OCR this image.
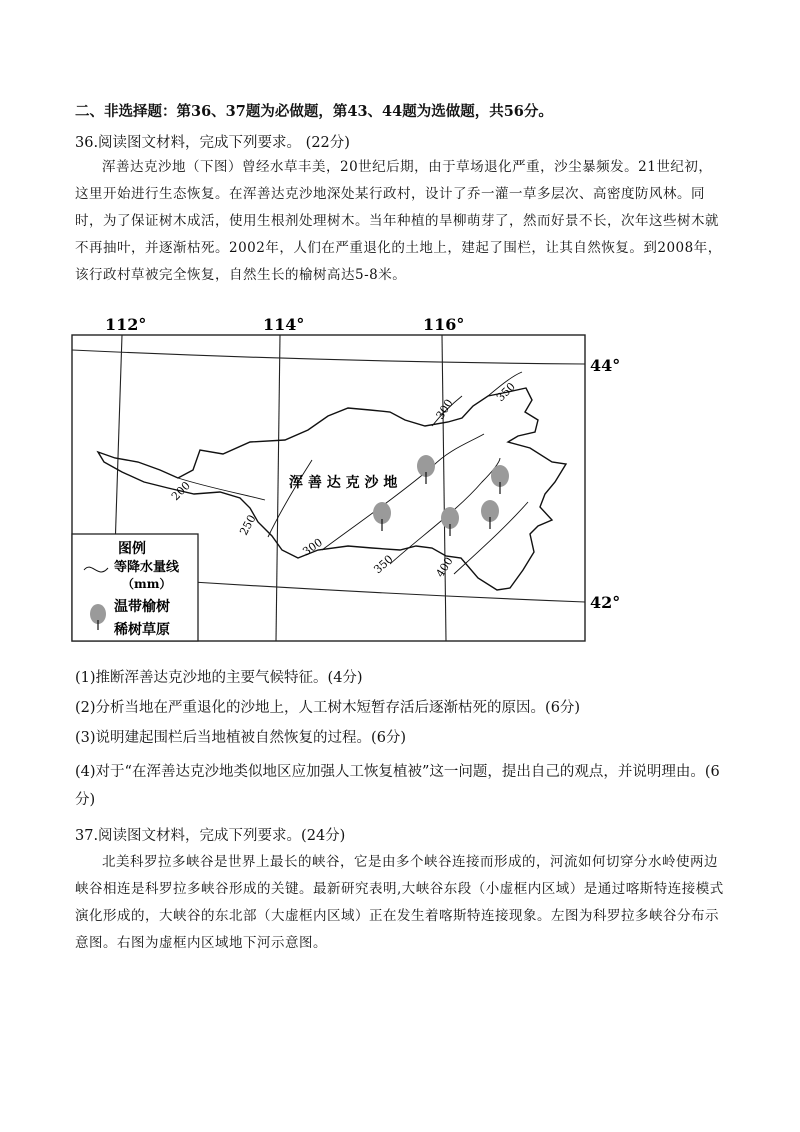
二、非选择题：第36、37题为必做题，第43、44题为选做题，共56分。
36.阅读图文材料，完成下列要求。 (22分)
浑善达克沙地（下图）曾经水草丰美，20世纪后期，由于草场退化严重，沙尘暴频发。21世纪初，这里开始进行生态恢复。在浑善达克沙地深处某行政村，设计了乔一灌一草多层次、高密度防风林。同时，为了保证树木成活，使用生根剂处理树木。当年种植的旱柳萌芽了，然而好景不长，次年这些树木就不再抽叶，并逐渐枯死。2002年，人们在严重退化的土地上，建起了围栏，让其自然恢复。到2008年，该行政村草被完全恢复，自然生长的榆树高达5-8米。
112°	114°	116°
44°
42°
200
250
300
300
350
350
400
浑 善 达 克 沙 地
图例
等降水量线
（mm）
温带榆树
稀树草原
(1)推断浑善达克沙地的主要气候特征。(4分)
(2)分析当地在严重退化的沙地上，人工树木短暂存活后逐渐枯死的原因。(6分)
(3)说明建起围栏后当地植被自然恢复的过程。(6分)
(4)对于“在浑善达克沙地类似地区应加强人工恢复植被”这一问题，提出自己的观点，并说明理由。(6分)
37.阅读图文材料，完成下列要求。(24分)
北美科罗拉多峡谷是世界上最长的峡谷，它是由多个峡谷连接而形成的，河流如何切穿分水岭使两边峡谷相连是科罗拉多峡谷形成的关键。最新研究表明,大峡谷东段（小虚框内区域）是通过喀斯特连接模式演化形成的，大峡谷的东北部（大虚框内区域）正在发生着喀斯特连接现象。左图为科罗拉多峡谷分布示意图。右图为虚框内区域地下河示意图。
